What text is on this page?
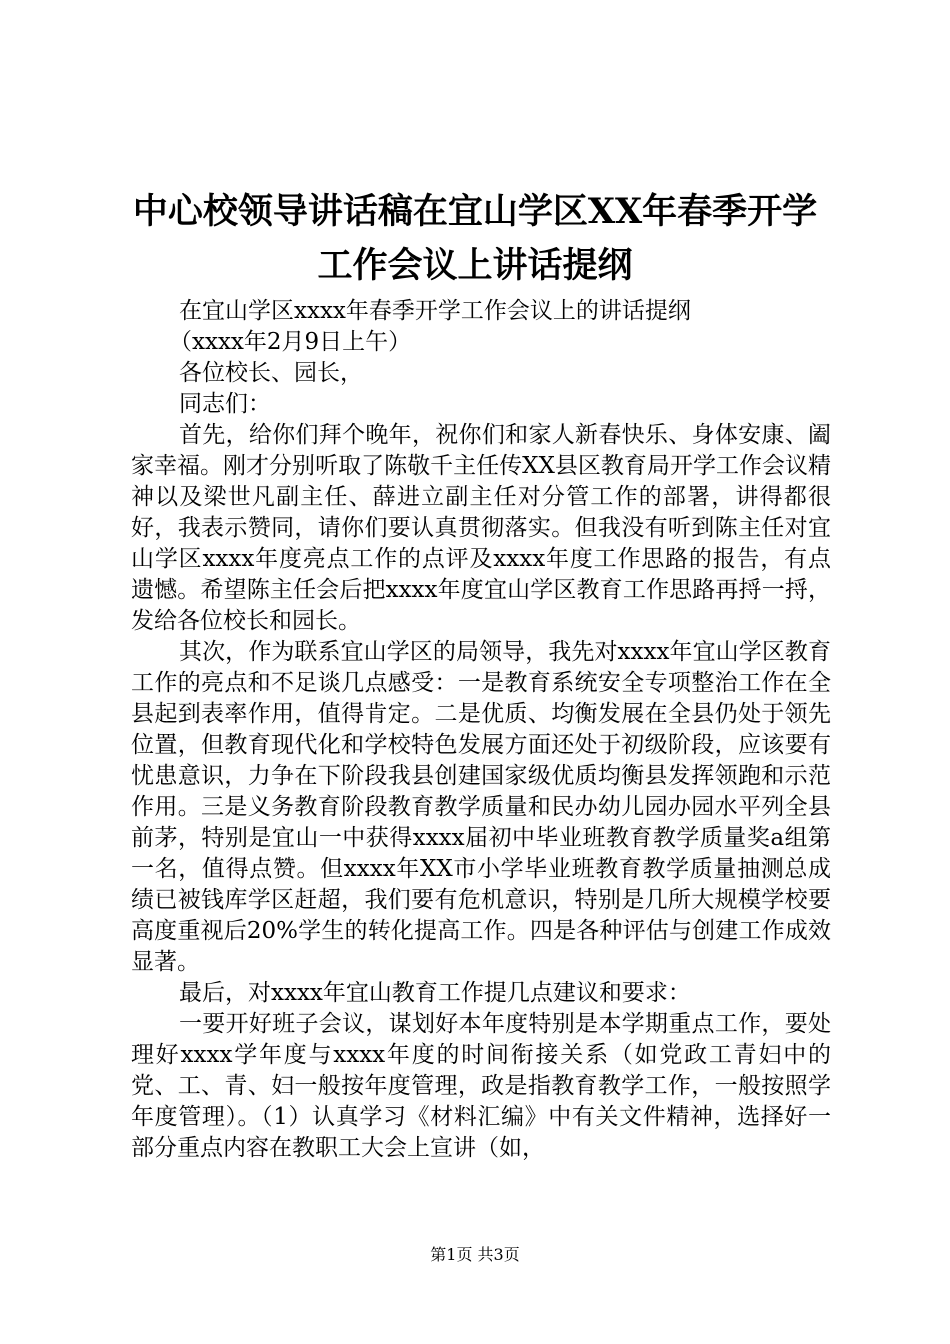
中心校领导讲话稿在宜山学区XX年春季开学
工作会议上讲话提纲

在宜山学区xxxx年春季开学工作会议上的讲话提纲

（xxxx年2月9日上午）

各位校长、园长，

同志们：

首先，给你们拜个晚年，祝你们和家人新春快乐、身体安康、阖家幸福。刚才分别听取了陈敬千主任传XX县区教育局开学工作会议精神以及梁世凡副主任、薛进立副主任对分管工作的部署，讲得都很好，我表示赞同，请你们要认真贯彻落实。但我没有听到陈主任对宜山学区xxxx年度亮点工作的点评及xxxx年度工作思路的报告，有点遗憾。希望陈主任会后把xxxx年度宜山学区教育工作思路再捋一捋，发给各位校长和园长。

其次，作为联系宜山学区的局领导，我先对xxxx年宜山学区教育工作的亮点和不足谈几点感受：一是教育系统安全专项整治工作在全县起到表率作用，值得肯定。二是优质、均衡发展在全县仍处于领先位置，但教育现代化和学校特色发展方面还处于初级阶段，应该要有忧患意识，力争在下阶段我县创建国家级优质均衡县发挥领跑和示范作用。三是义务教育阶段教育教学质量和民办幼儿园办园水平列全县前茅，特别是宜山一中获得xxxx届初中毕业班教育教学质量奖a组第一名，值得点赞。但xxxx年XX市小学毕业班教育教学质量抽测总成绩已被钱库学区赶超，我们要有危机意识，特别是几所大规模学校要高度重视后20%学生的转化提高工作。四是各种评估与创建工作成效显著。

最后，对xxxx年宜山教育工作提几点建议和要求：

一要开好班子会议，谋划好本年度特别是本学期重点工作，要处理好xxxx学年度与xxxx年度的时间衔接关系（如党政工青妇中的党、工、青、妇一般按年度管理，政是指教育教学工作，一般按照学年度管理）。（1）认真学习《材料汇编》中有关文件精神，选择好一部分重点内容在教职工大会上宣讲（如，

第1页 共3页
